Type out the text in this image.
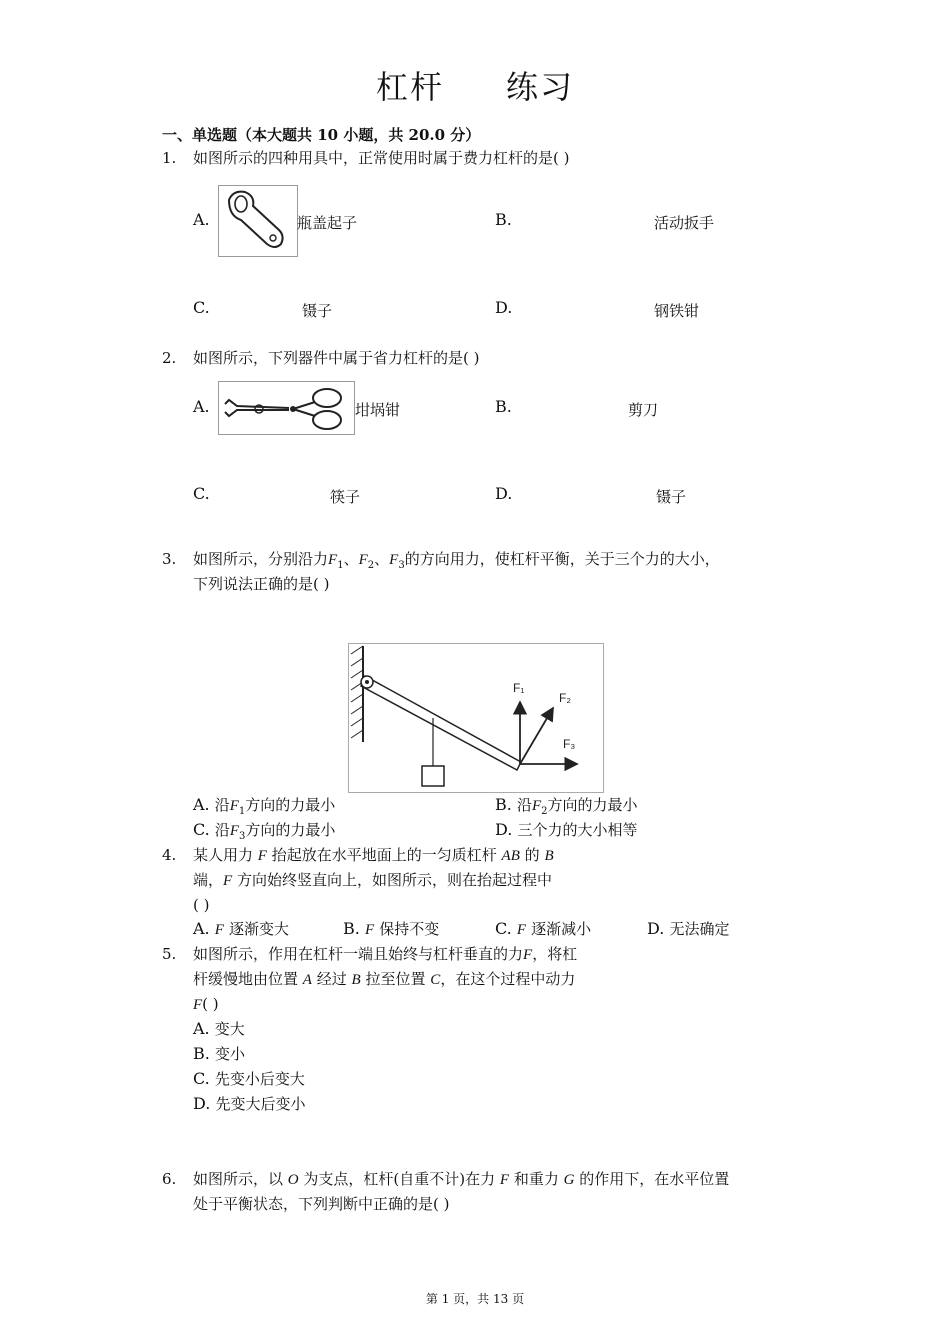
杠杆 练习
一、单选题（本大题共 10 小题，共 20.0 分）
1. 如图所示的四种用具中，正常使用时属于费力杠杆的是( )
A.	瓶盖起子	B.	活动扳手
C.	镊子	D.	钢铁钳
2. 如图所示，下列器件中属于省力杠杆的是( )
A.	坩埚钳	B.	剪刀
C.	筷子	D.	镊子
3. 如图所示，分别沿力$F_1$、$F_2$、$F_3$的方向用力，使杠杆平衡，关于三个力的大小，
下列说法正确的是( )
F₁
F₂
F₃
A. 沿$F_1$方向的力最小	B. 沿$F_2$方向的力最小
C. 沿$F_3$方向的力最小	D. 三个力的大小相等
4. 某人用力 F 抬起放在水平地面上的一匀质杠杆 AB 的 B
端，F 方向始终竖直向上，如图所示，则在抬起过程中
( )
A. F 逐渐变大	B. F 保持不变	C. F 逐渐减小	D. 无法确定
5. 如图所示，作用在杠杆一端且始终与杠杆垂直的力F，将杠
杆缓慢地由位置 A 经过 B 拉至位置 C，在这个过程中动力
F( )
A. 变大
B. 变小
C. 先变小后变大
D. 先变大后变小
6. 如图所示，以 O 为支点，杠杆(自重不计)在力 F 和重力 G 的作用下，在水平位置
处于平衡状态，下列判断中正确的是( )
第 1 页，共 13 页
